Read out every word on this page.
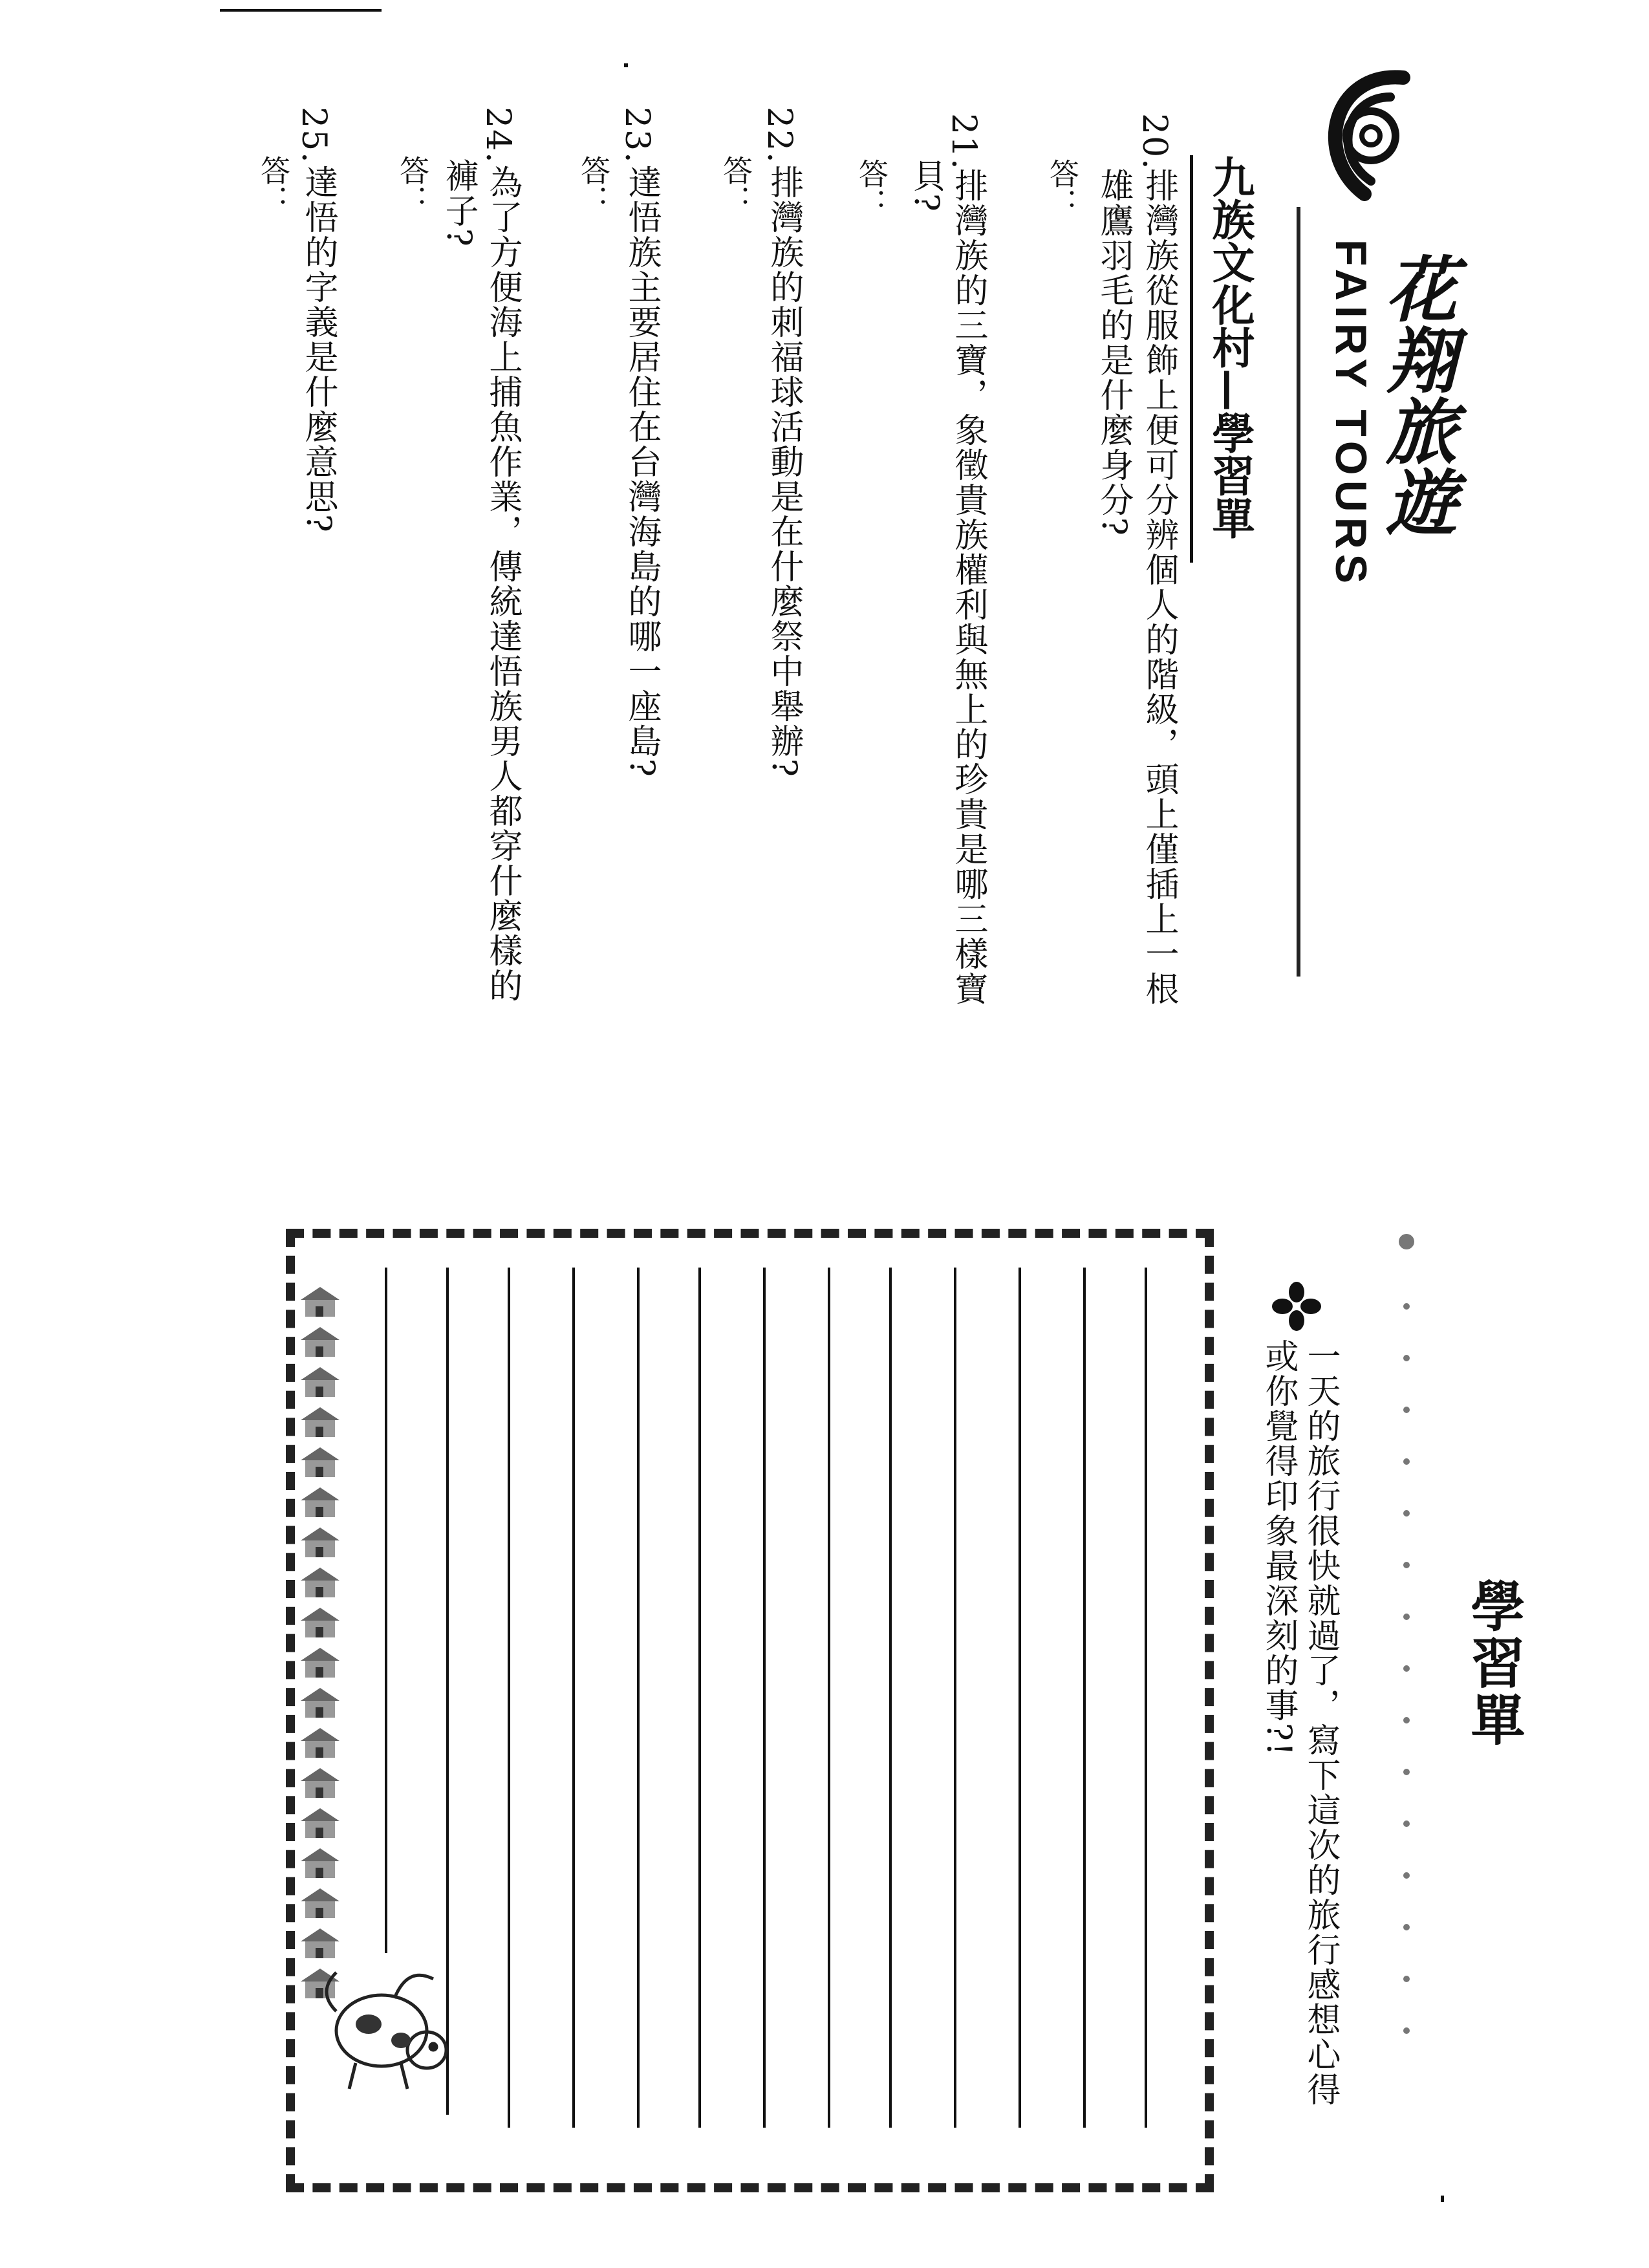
花翔旅遊
FAIRY TOURS
九族文化村—學習單
20.
排灣族從服飾上便可分辨個人的階級，頭上僅插上一根
雄鷹羽毛的是什麼身分?
答：
21.
排灣族的三寶，象徵貴族權利與無上的珍貴是哪三樣寶
貝?
答：
22.
排灣族的刺福球活動是在什麼祭中舉辦?
答：
23.
達悟族主要居住在台灣海島的哪一座島?
答：
24.
為了方便海上捕魚作業，傳統達悟族男人都穿什麼樣的
褲子?
答：
25.
達悟的字義是什麼意思?
答：
學習單
一天的旅行很快就過了，寫下這次的旅行感想心得
或你覺得印象最深刻的事?!
